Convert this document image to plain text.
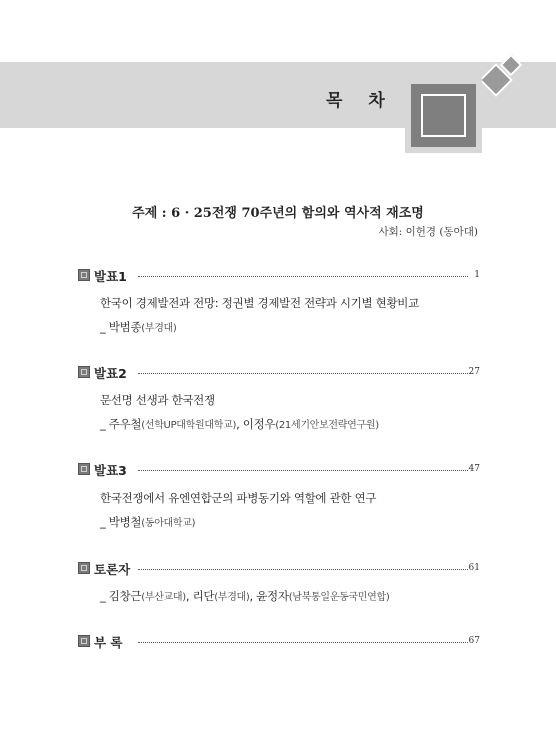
목 차
주제 : 6 · 25전쟁 70주년의 함의와 역사적 재조명
사회: 이헌경 (동아대)
발표1	1
한국이 경제발전과 전망: 정권별 경제발전 전략과 시기별 현황비교
_ 박범종(부경대)
발표2	27
문선명 선생과 한국전쟁
_ 주우철(선학UP대학원대학교), 이정우(21세기안보전략연구원)
발표3	47
한국전쟁에서 유엔연합군의 파병동기와 역할에 관한 연구
_ 박병철(동아대학교)
토론자	61
_ 김창근(부산교대), 리단(부경대), 윤정자(남북통일운동국민연합)
부 록	67
